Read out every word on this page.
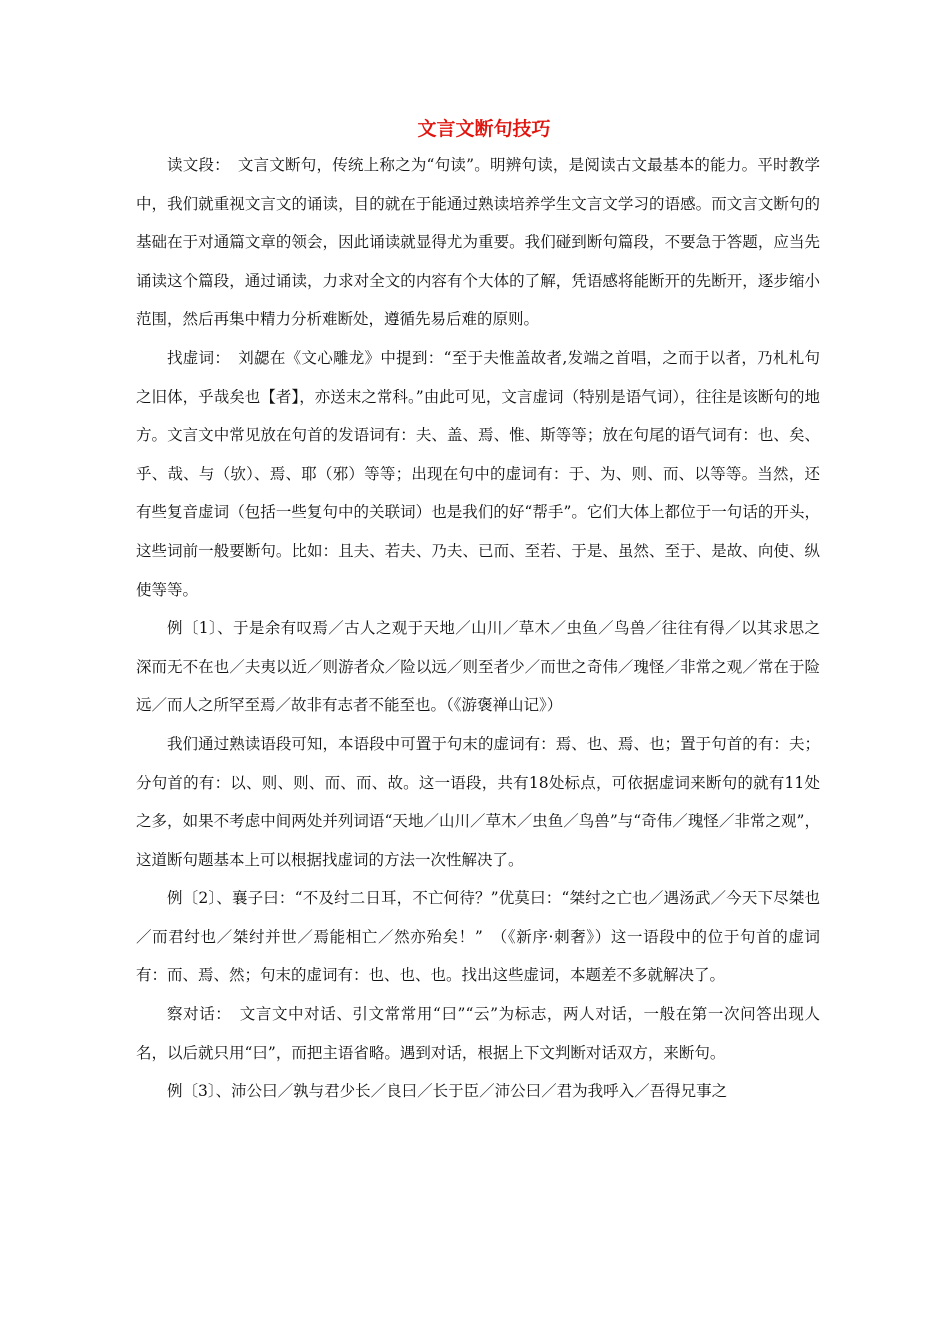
文言文断句技巧

读文段：　文言文断句，传统上称之为“句读”。明辨句读，是阅读古文最基本的能力。平时教学中，我们就重视文言文的诵读，目的就在于能通过熟读培养学生文言文学习的语感。而文言文断句的基础在于对通篇文章的领会，因此诵读就显得尤为重要。我们碰到断句篇段，不要急于答题，应当先诵读这个篇段，通过诵读，力求对全文的内容有个大体的了解，凭语感将能断开的先断开，逐步缩小范围，然后再集中精力分析难断处，遵循先易后难的原则。

找虚词：　刘勰在《文心雕龙》中提到：“至于夫惟盖故者,发端之首唱，之而于以者，乃札札句之旧体，乎哉矣也【者】，亦送末之常科。”由此可见，文言虚词（特别是语气词），往往是该断句的地方。文言文中常见放在句首的发语词有：夫、盖、焉、惟、斯等等；放在句尾的语气词有：也、矣、乎、哉、与（欤）、焉、耶（邪）等等；出现在句中的虚词有：于、为、则、而、以等等。当然，还有些复音虚词（包括一些复句中的关联词）也是我们的好“帮手”。它们大体上都位于一句话的开头，这些词前一般要断句。比如：且夫、若夫、乃夫、已而、至若、于是、虽然、至于、是故、向使、纵使等等。

例〔1〕、于是余有叹焉／古人之观于天地／山川／草木／虫鱼／鸟兽／往往有得／以其求思之深而无不在也／夫夷以近／则游者众／险以远／则至者少／而世之奇伟／瑰怪／非常之观／常在于险远／而人之所罕至焉／故非有志者不能至也。（《游褒禅山记》）

我们通过熟读语段可知，本语段中可置于句末的虚词有：焉、也、焉、也；置于句首的有：夫；分句首的有：以、则、则、而、而、故。这一语段，共有18处标点，可依据虚词来断句的就有11处之多，如果不考虑中间两处并列词语“天地／山川／草木／虫鱼／鸟兽”与“奇伟／瑰怪／非常之观”，这道断句题基本上可以根据找虚词的方法一次性解决了。

例〔2〕、襄子曰：“不及纣二日耳，不亡何待？”优莫曰：“桀纣之亡也／遇汤武／今天下尽桀也／而君纣也／桀纣并世／焉能相亡／然亦殆矣！”　（《新序·刺奢》）这一语段中的位于句首的虚词有：而、焉、然；句末的虚词有：也、也、也。找出这些虚词，本题差不多就解决了。

察对话：　文言文中对话、引文常常用“曰”“云”为标志，两人对话，一般在第一次问答出现人名，以后就只用“曰”，而把主语省略。遇到对话，根据上下文判断对话双方，来断句。

例〔3〕、沛公曰／孰与君少长／良曰／长于臣／沛公曰／君为我呼入／吾得兄事之
